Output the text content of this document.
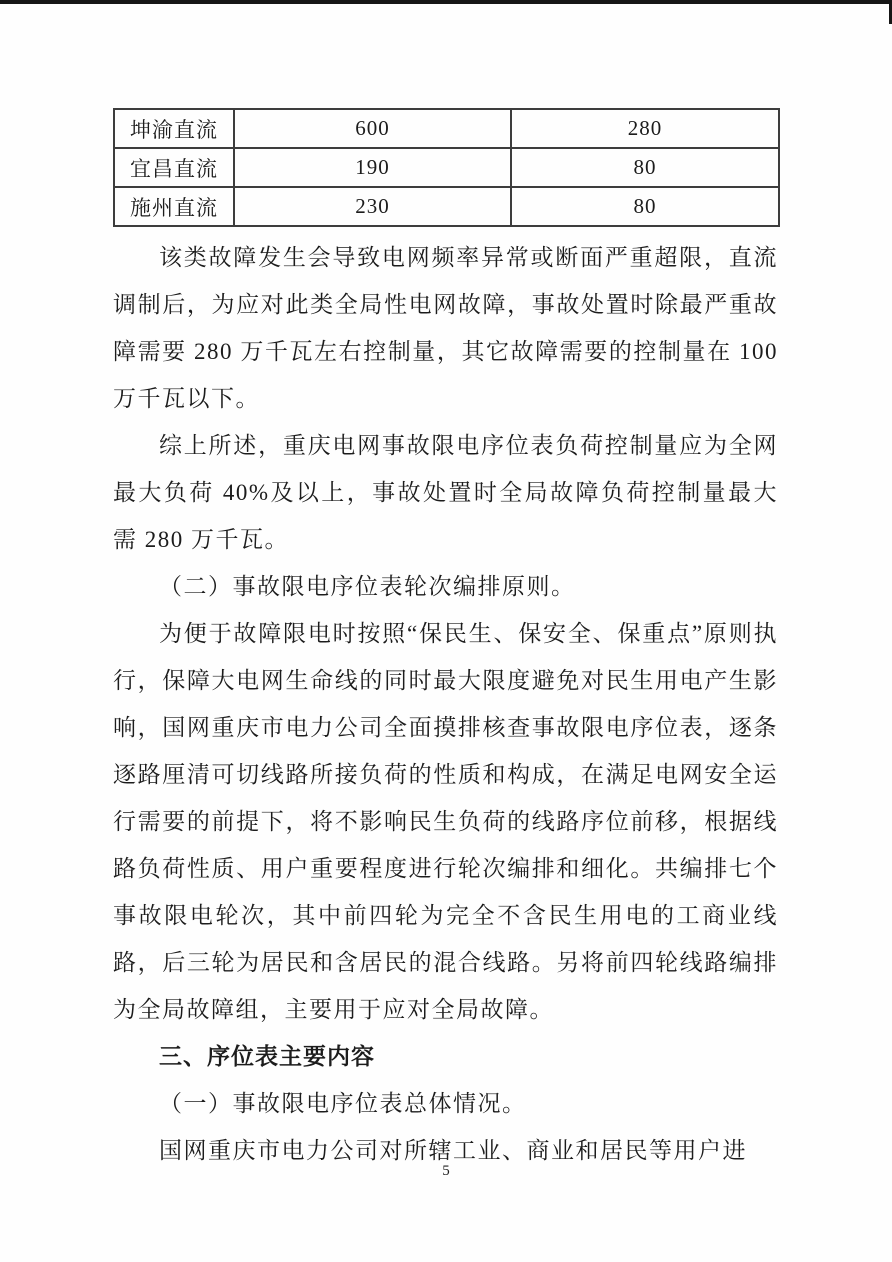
坤渝直流	600	280
宜昌直流	190	80
施州直流	230	80

该类故障发生会导致电网频率异常或断面严重超限，直流调制后，为应对此类全局性电网故障，事故处置时除最严重故障需要 280 万千瓦左右控制量，其它故障需要的控制量在 100 万千瓦以下。

综上所述，重庆电网事故限电序位表负荷控制量应为全网最大负荷 40%及以上，事故处置时全局故障负荷控制量最大需 280 万千瓦。

（二）事故限电序位表轮次编排原则。

为便于故障限电时按照“保民生、保安全、保重点”原则执行，保障大电网生命线的同时最大限度避免对民生用电产生影响，国网重庆市电力公司全面摸排核查事故限电序位表，逐条逐路厘清可切线路所接负荷的性质和构成，在满足电网安全运行需要的前提下，将不影响民生负荷的线路序位前移，根据线路负荷性质、用户重要程度进行轮次编排和细化。共编排七个事故限电轮次，其中前四轮为完全不含民生用电的工商业线路，后三轮为居民和含居民的混合线路。另将前四轮线路编排为全局故障组，主要用于应对全局故障。

三、序位表主要内容

（一）事故限电序位表总体情况。

国网重庆市电力公司对所辖工业、商业和居民等用户进

5
